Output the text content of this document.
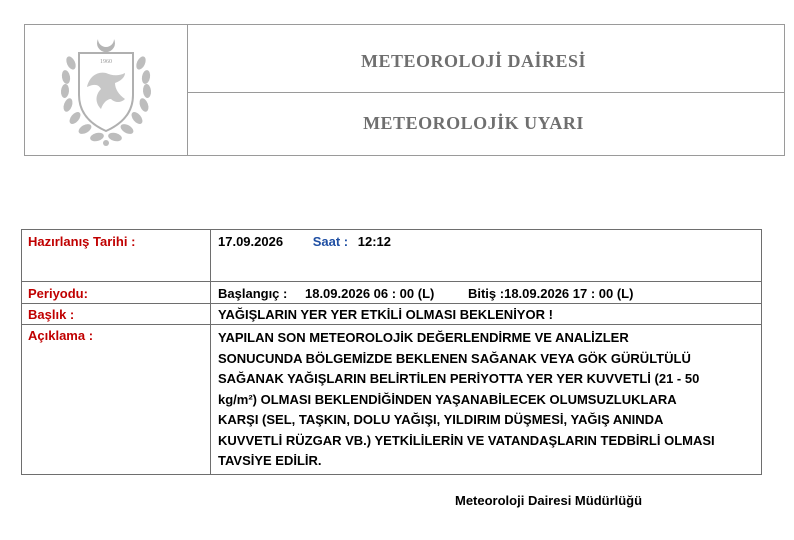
1960	METEOROLOJİ DAİRESİ
METEOROLOJİK UYARI
Hazırlanış Tarihi :	17.09.2026 Saat : 12:12
Periyodu:	Başlangıç : 18.09.2026 06 : 00 (L)	Bitiş :18.09.2026 17 : 00 (L)
Başlık :	YAĞIŞLARIN YER YER ETKİLİ OLMASI BEKLENİYOR !
Açıklama :	YAPILAN SON METEOROLOJİK DEĞERLENDİRME VE ANALİZLER
SONUCUNDA BÖLGEMİZDE BEKLENEN SAĞANAK VEYA GÖK GÜRÜLTÜLÜ
SAĞANAK YAĞIŞLARIN BELİRTİLEN PERİYOTTA YER YER KUVVETLİ (21 - 50
kg/m²) OLMASI BEKLENDİĞİNDEN YAŞANABİLECEK OLUMSUZLUKLARA
KARŞI (SEL, TAŞKIN, DOLU YAĞIŞI, YILDIRIM DÜŞMESİ, YAĞIŞ ANINDA
KUVVETLİ RÜZGAR VB.) YETKİLİLERİN VE VATANDAŞLARIN TEDBİRLİ OLMASI
TAVSİYE EDİLİR.
Meteoroloji Dairesi Müdürlüğü
